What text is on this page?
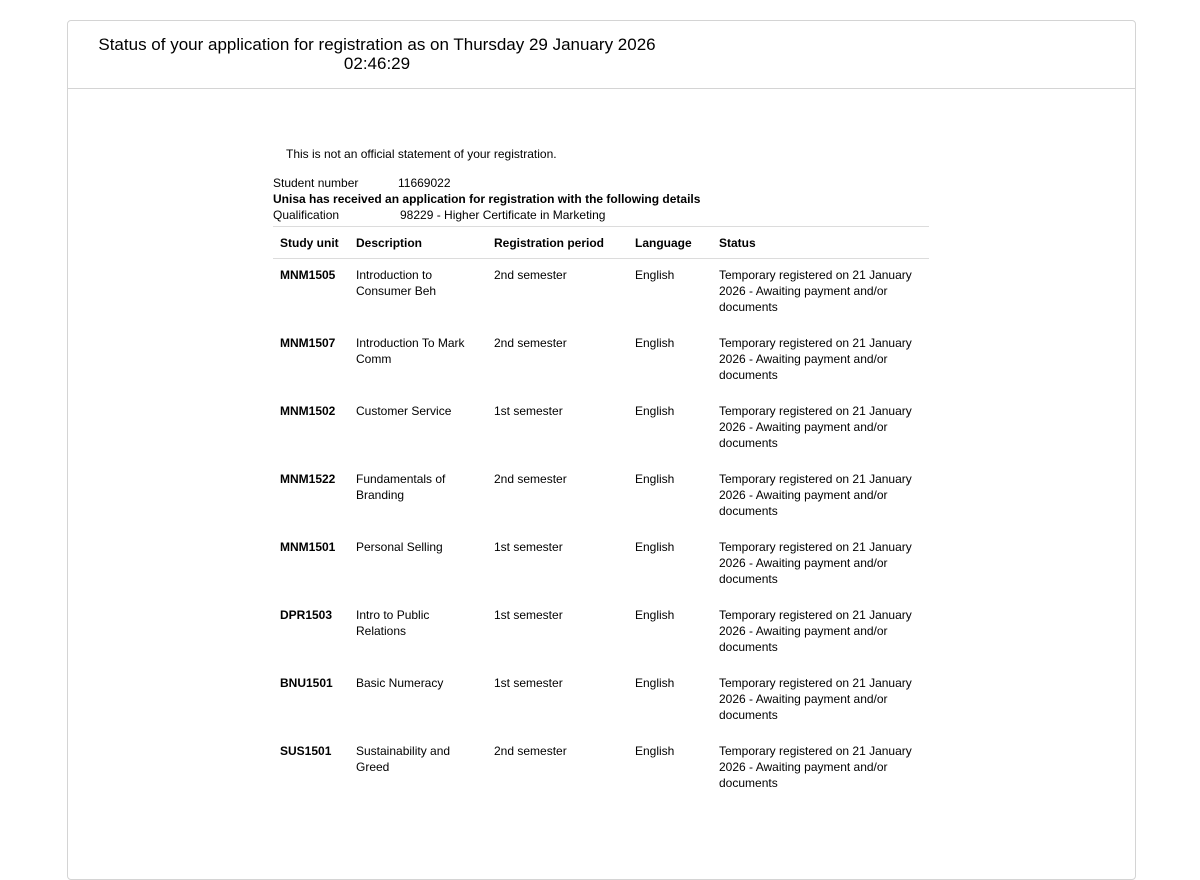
Status of your application for registration as on Thursday 29 January 2026 02:46:29

This is not an official statement of your registration.

Student number	11669022
Unisa has received an application for registration with the following details
Qualification	98229 - Higher Certificate in Marketing
Study unit	Description	Registration period	Language	Status
MNM1505	Introduction to Consumer Beh	2nd semester	English	Temporary registered on 21 January 2026 - Awaiting payment and/or documents
MNM1507	Introduction To Mark Comm	2nd semester	English	Temporary registered on 21 January 2026 - Awaiting payment and/or documents
MNM1502	Customer Service	1st semester	English	Temporary registered on 21 January 2026 - Awaiting payment and/or documents
MNM1522	Fundamentals of Branding	2nd semester	English	Temporary registered on 21 January 2026 - Awaiting payment and/or documents
MNM1501	Personal Selling	1st semester	English	Temporary registered on 21 January 2026 - Awaiting payment and/or documents
DPR1503	Intro to Public Relations	1st semester	English	Temporary registered on 21 January 2026 - Awaiting payment and/or documents
BNU1501	Basic Numeracy	1st semester	English	Temporary registered on 21 January 2026 - Awaiting payment and/or documents
SUS1501	Sustainability and Greed	2nd semester	English	Temporary registered on 21 January 2026 - Awaiting payment and/or documents
